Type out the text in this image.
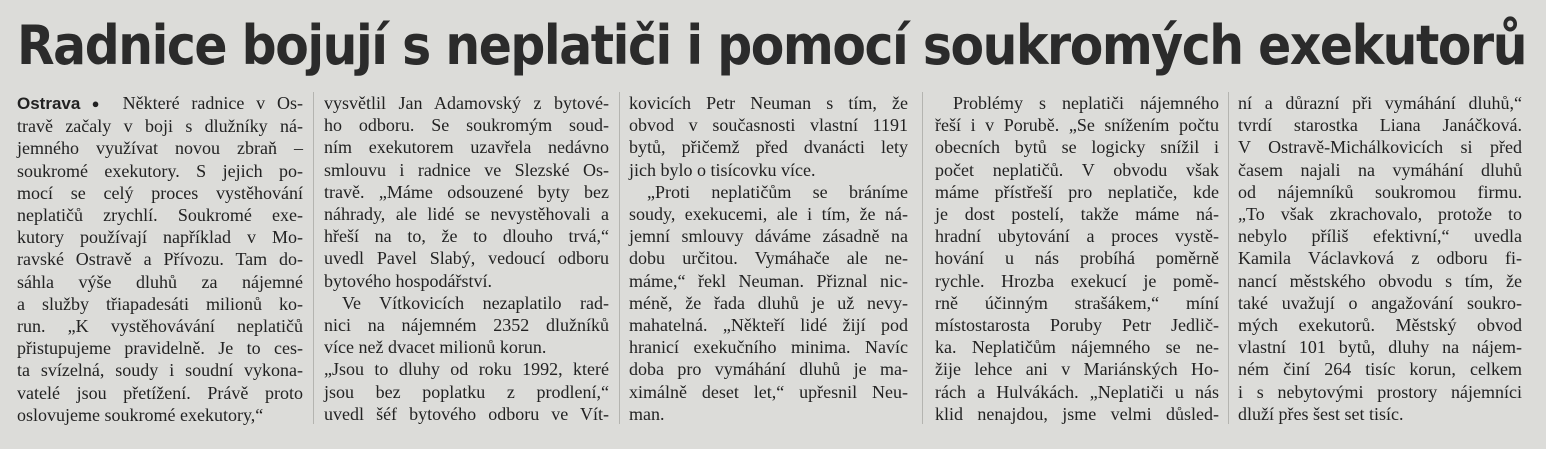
Radnice bojují s neplatiči i pomocí soukromých exekutorů
Ostrava ● Některé radnice v Os-
travě začaly v boji s dlužníky ná-
jemného využívat novou zbraň –
soukromé exekutory. S jejich po-
mocí se celý proces vystěhování
neplatičů zrychlí. Soukromé exe-
kutory používají například v Mo-
ravské Ostravě a Přívozu. Tam do-
sáhla výše dluhů za nájemné
a služby třiapadesáti milionů ko-
run. „K vystěhovávání neplatičů
přistupujeme pravidelně. Je to ces-
ta svízelná, soudy i soudní vykona-
vatelé jsou přetížení. Právě proto
oslovujeme soukromé exekutory,“
vysvětlil Jan Adamovský z bytové-
ho odboru. Se soukromým soud-
ním exekutorem uzavřela nedávno
smlouvu i radnice ve Slezské Os-
travě. „Máme odsouzené byty bez
náhrady, ale lidé se nevystěhovali a
hřeší na to, že to dlouho trvá,“
uvedl Pavel Slabý, vedoucí odboru
bytového hospodářství.
Ve Vítkovicích nezaplatilo rad-
nici na nájemném 2352 dlužníků
více než dvacet milionů korun.
„Jsou to dluhy od roku 1992, které
jsou bez poplatku z prodlení,“
uvedl šéf bytového odboru ve Vít-
kovicích Petr Neuman s tím, že
obvod v současnosti vlastní 1191
bytů, přičemž před dvanácti lety
jich bylo o tisícovku více.
„Proti neplatičům se bráníme
soudy, exekucemi, ale i tím, že ná-
jemní smlouvy dáváme zásadně na
dobu určitou. Vymáhače ale ne-
máme,“ řekl Neuman. Přiznal nic-
méně, že řada dluhů je už nevy-
mahatelná. „Někteří lidé žijí pod
hranicí exekučního minima. Navíc
doba pro vymáhání dluhů je ma-
ximálně deset let,“ upřesnil Neu-
man.
Problémy s neplatiči nájemného
řeší i v Porubě. „Se snížením počtu
obecních bytů se logicky snížil i
počet neplatičů. V obvodu však
máme přístřeší pro neplatiče, kde
je dost postelí, takže máme ná-
hradní ubytování a proces vystě-
hování u nás probíhá poměrně
rychle. Hrozba exekucí je pomě-
rně účinným strašákem,“ míní
místostarosta Poruby Petr Jedlič-
ka. Neplatičům nájemného se ne-
žije lehce ani v Mariánských Ho-
rách a Hulvákách. „Neplatiči u nás
klid nenajdou, jsme velmi důsled-
ní a důrazní při vymáhání dluhů,“
tvrdí starostka Liana Janáčková.
V Ostravě-Michálkovicích si před
časem najali na vymáhání dluhů
od nájemníků soukromou firmu.
„To však zkrachovalo, protože to
nebylo příliš efektivní,“ uvedla
Kamila Václavková z odboru fi-
nancí městského obvodu s tím, že
také uvažují o angažování soukro-
mých exekutorů. Městský obvod
vlastní 101 bytů, dluhy na nájem-
ném činí 264 tisíc korun, celkem
i s nebytovými prostory nájemníci
dluží přes šest set tisíc.
